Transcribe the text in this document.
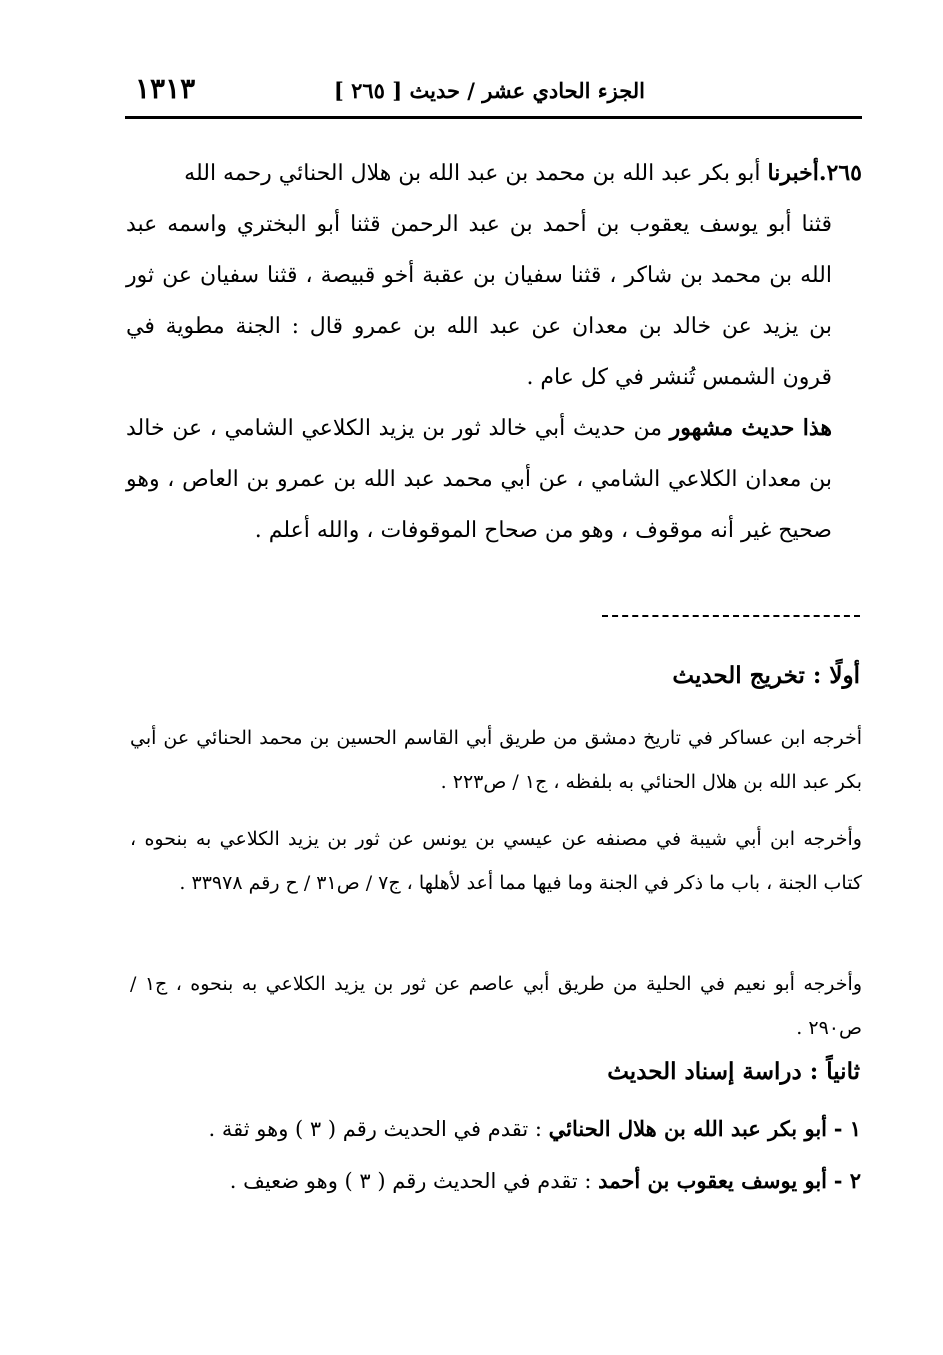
الجزء الحادي عشر / حديث [ ٢٦٥ ]
١٣١٣

٢٦٥.أخبرنا أبو بكر عبد الله بن محمد بن عبد الله بن هلال الحنائي رحمه الله

قثنا أبو يوسف يعقوب بن أحمد بن عبد الرحمن قثنا أبو البختري واسمه عبد الله بن محمد بن شاكر ، قثنا سفيان بن عقبة أخو قبيصة ، قثنا سفيان عن ثور بن يزيد عن خالد بن معدان عن عبد الله بن عمرو قال : الجنة مطوية في قرون الشمس تُنشر في كل عام .

هذا حديث مشهور من حديث أبي خالد ثور بن يزيد الكلاعي الشامي ، عن خالد بن معدان الكلاعي الشامي ، عن أبي محمد عبد الله بن عمرو بن العاص ، وهو صحيح غير أنه موقوف ، وهو من صحاح الموقوفات ، والله أعلم .

أولًا : تخريج الحديث

أخرجه ابن عساكر في تاريخ دمشق من طريق أبي القاسم الحسين بن محمد الحنائي عن أبي بكر عبد الله بن هلال الحنائي به بلفظه ، ج١ / ص٢٢٣ .

وأخرجه ابن أبي شيبة في مصنفه عن عيسي بن يونس عن ثور بن يزيد الكلاعي به بنحوه ، كتاب الجنة ، باب ما ذكر في الجنة وما فيها مما أعد لأهلها ، ج٧ / ص٣١ / ح رقم ٣٣٩٧٨ .

وأخرجه أبو نعيم في الحلية من طريق أبي عاصم عن ثور بن يزيد الكلاعي به بنحوه ، ج١ / ص٢٩٠ .

ثانياً : دراسة إسناد الحديث
١ - أبو بكر عبد الله بن هلال الحنائي : تقدم في الحديث رقم ( ٣ ) وهو ثقة .
٢ - أبو يوسف يعقوب بن أحمد : تقدم في الحديث رقم ( ٣ ) وهو ضعيف .
